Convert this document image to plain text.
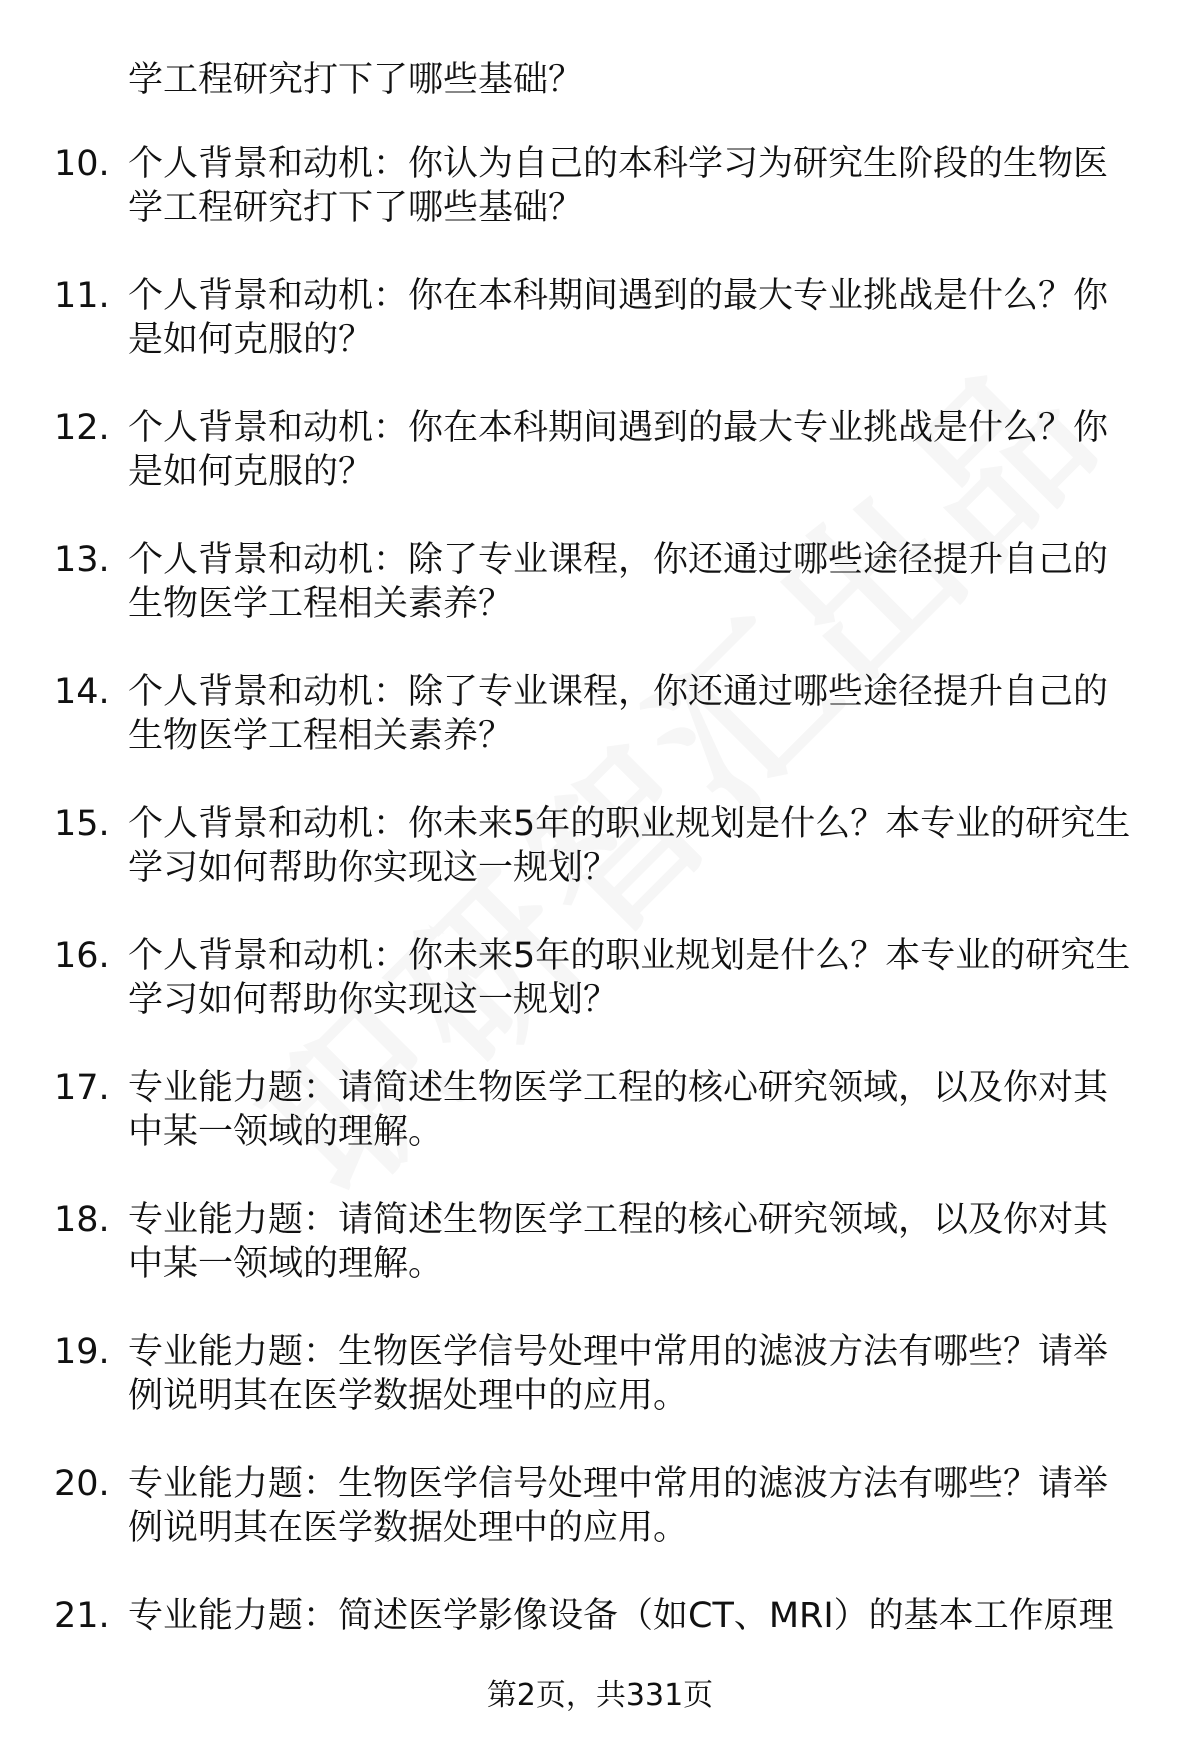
学工程研究打下了哪些基础？
10. 个人背景和动机：你认为自己的本科学习为研究生阶段的生物医
学工程研究打下了哪些基础？
11. 个人背景和动机：你在本科期间遇到的最大专业挑战是什么？你
是如何克服的？
12. 个人背景和动机：你在本科期间遇到的最大专业挑战是什么？你
是如何克服的？
13. 个人背景和动机：除了专业课程，你还通过哪些途径提升自己的
生物医学工程相关素养？
14. 个人背景和动机：除了专业课程，你还通过哪些途径提升自己的
生物医学工程相关素养？
15. 个人背景和动机：你未来5年的职业规划是什么？本专业的研究生
学习如何帮助你实现这一规划？
16. 个人背景和动机：你未来5年的职业规划是什么？本专业的研究生
学习如何帮助你实现这一规划？
17. 专业能力题：请简述生物医学工程的核心研究领域，以及你对其
中某一领域的理解。
18. 专业能力题：请简述生物医学工程的核心研究领域，以及你对其
中某一领域的理解。
19. 专业能力题：生物医学信号处理中常用的滤波方法有哪些？请举
例说明其在医学数据处理中的应用。
20. 专业能力题：生物医学信号处理中常用的滤波方法有哪些？请举
例说明其在医学数据处理中的应用。
21. 专业能力题：简述医学影像设备（如CT、MRI）的基本工作原理
第2页，共331页
